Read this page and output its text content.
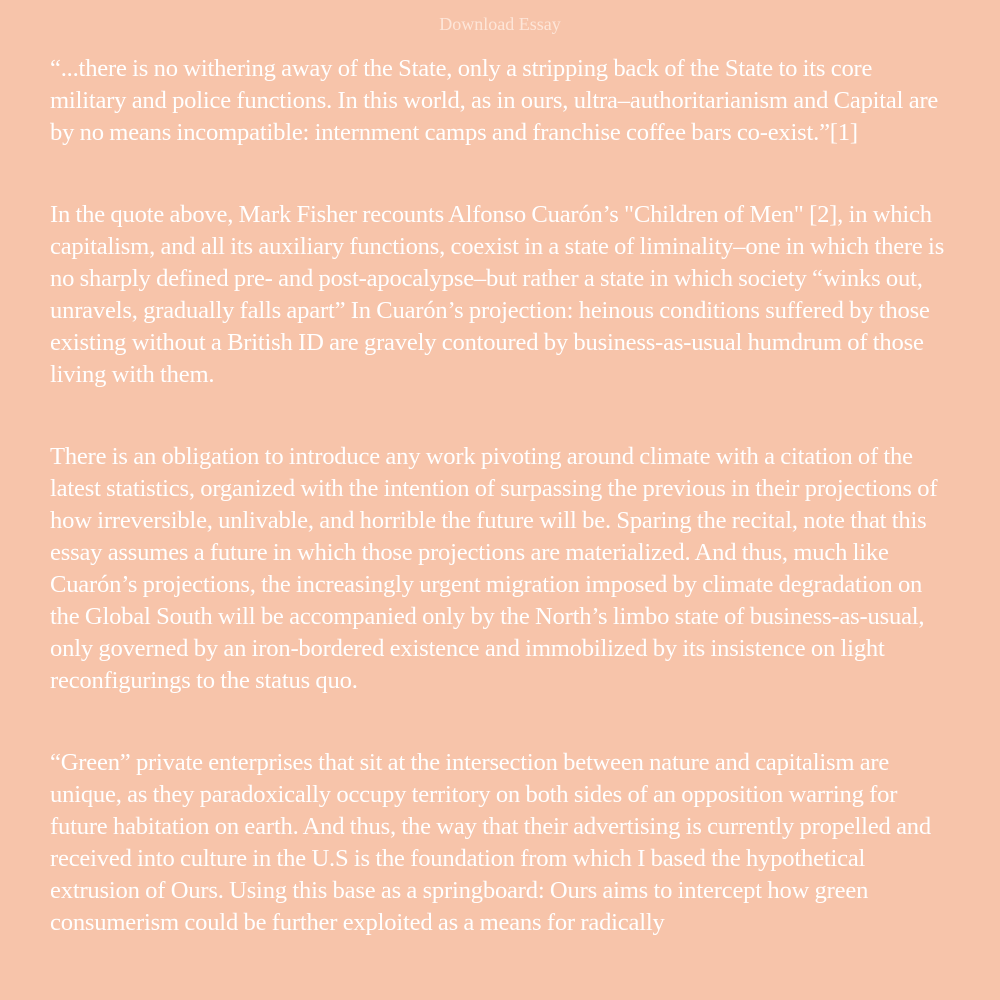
Download Essay

“...there is no withering away of the State, only a stripping back of the State to its core military and police functions. In this world, as in ours, ultra–authoritarianism and Capital are by no means incompatible: internment camps and franchise coffee bars co-exist.”[1]

In the quote above, Mark Fisher recounts Alfonso Cuarón’s "Children of Men" [2], in which capitalism, and all its auxiliary functions, coexist in a state of liminality–one in which there is no sharply defined pre- and post-apocalypse–but rather a state in which society “winks out, unravels, gradually falls apart” In Cuarón’s projection: heinous conditions suffered by those existing without a British ID are gravely contoured by business-as-usual humdrum of those living with them.

There is an obligation to introduce any work pivoting around climate with a citation of the latest statistics, organized with the intention of surpassing the previous in their projections of how irreversible, unlivable, and horrible the future will be. Sparing the recital, note that this essay assumes a future in which those projections are materialized. And thus, much like Cuarón’s projections, the increasingly urgent migration imposed by climate degradation on the Global South will be accompanied only by the North’s limbo state of business-as-usual, only governed by an iron-bordered existence and immobilized by its insistence on light reconfigurings to the status quo.

“Green” private enterprises that sit at the intersection between nature and capitalism are unique, as they paradoxically occupy territory on both sides of an opposition warring for future habitation on earth. And thus, the way that their advertising is currently propelled and received into culture in the U.S is the foundation from which I based the hypothetical extrusion of Ours. Using this base as a springboard: Ours aims to intercept how green consumerism could be further exploited as a means for radically
